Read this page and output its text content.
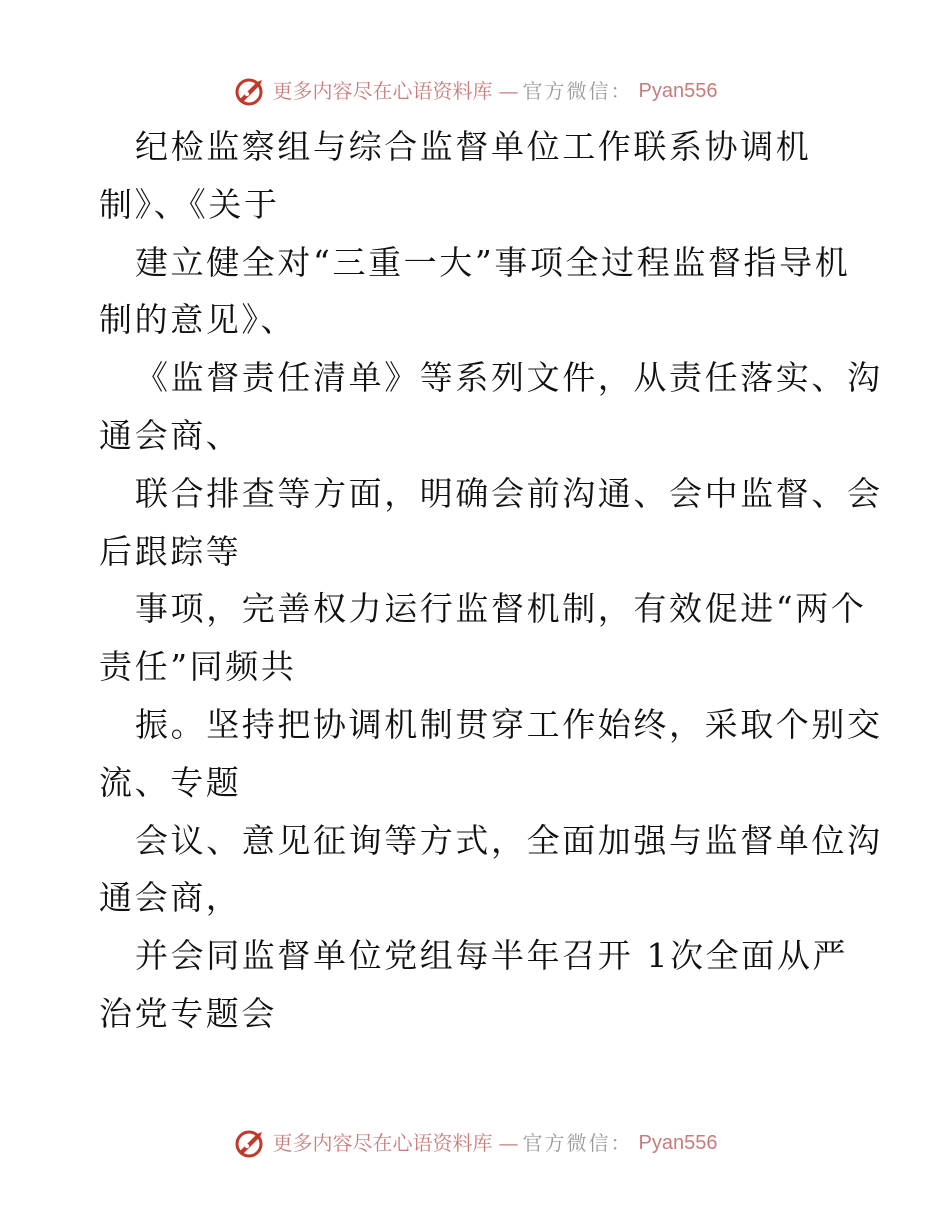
更多内容尽在心语资料库 — 官方微信： Pyan556

纪检监察组与综合监督单位工作联系协调机
制》、《关于

建立健全对“三重一大”事项全过程监督指导机
制的意见》、

《监督责任清单》等系列文件，从责任落实、沟
通会商、

联合排查等方面，明确会前沟通、会中监督、会
后跟踪等

事项，完善权力运行监督机制，有效促进“两个
责任”同频共

振。坚持把协调机制贯穿工作始终，采取个别交
流、专题

会议、意见征询等方式，全面加强与监督单位沟
通会商，

并会同监督单位党组每半年召开 1次全面从严
治党专题会

更多内容尽在心语资料库 — 官方微信： Pyan556
